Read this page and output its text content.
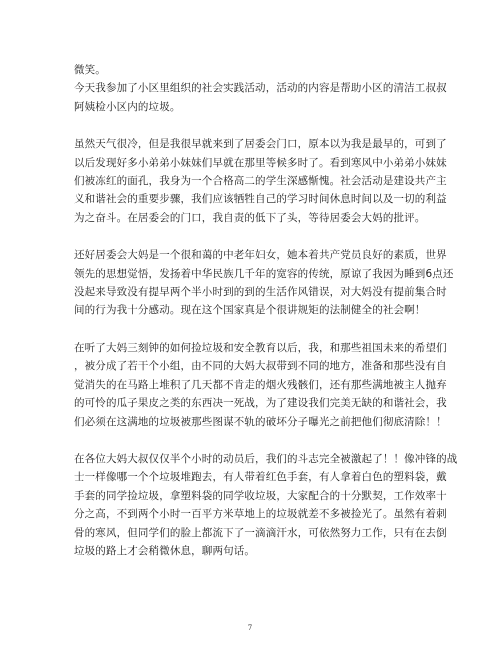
微笑。
今天我参加了小区里组织的社会实践活动，活动的内容是帮助小区的清洁工叔叔
阿姨检小区内的垃圾。
虽然天气很冷，但是我很早就来到了居委会门口，原本以为我是最早的，可到了
以后发现好多小弟弟小妹妹们早就在那里等候多时了。看到寒风中小弟弟小妹妹
们被冻红的面孔，我身为一个合格高二的学生深感惭愧。社会活动是建设共产主
义和谐社会的重要步骤，我们应该牺牲自己的学习时间休息时间以及一切的利益
为之奋斗。在居委会的门口，我自责的低下了头，等待居委会大妈的批评。
还好居委会大妈是一个很和蔼的中老年妇女，她本着共产党员良好的素质，世界
领先的思想觉悟，发扬着中华民族几千年的宽容的传统，原谅了我因为睡到6点还
没起来导致没有提早两个半小时到的到的生活作风错误，对大妈没有提前集合时
间的行为我十分感动。现在这个国家真是个很讲规矩的法制健全的社会啊！
在听了大妈三刻钟的如何捡垃圾和安全教育以后，我，和那些祖国未来的希望们
，被分成了若干个小组，由不同的大妈大叔带到不同的地方，准备和那些没有自
觉消失的在马路上堆积了几天都不肯走的烟火残骸们，还有那些满地被主人抛弃
的可怜的瓜子果皮之类的东西决一死战，为了建设我们完美无缺的和谐社会，我
们必须在这满地的垃圾被那些图谋不轨的破坏分子曝光之前把他们彻底清除！！
在各位大妈大叔仅仅半个小时的动员后，我们的斗志完全被激起了！！像冲锋的战
士一样像哪一个个垃圾堆跑去，有人带着红色手套，有人拿着白色的塑料袋，戴
手套的同学捡垃圾，拿塑料袋的同学收垃圾，大家配合的十分默契，工作效率十
分之高，不到两个小时一百平方米草地上的垃圾就差不多被捡光了。虽然有着刺
骨的寒风，但同学们的脸上都流下了一滴滴汗水，可依然努力工作，只有在去倒
垃圾的路上才会稍微休息，聊两句话。
7
